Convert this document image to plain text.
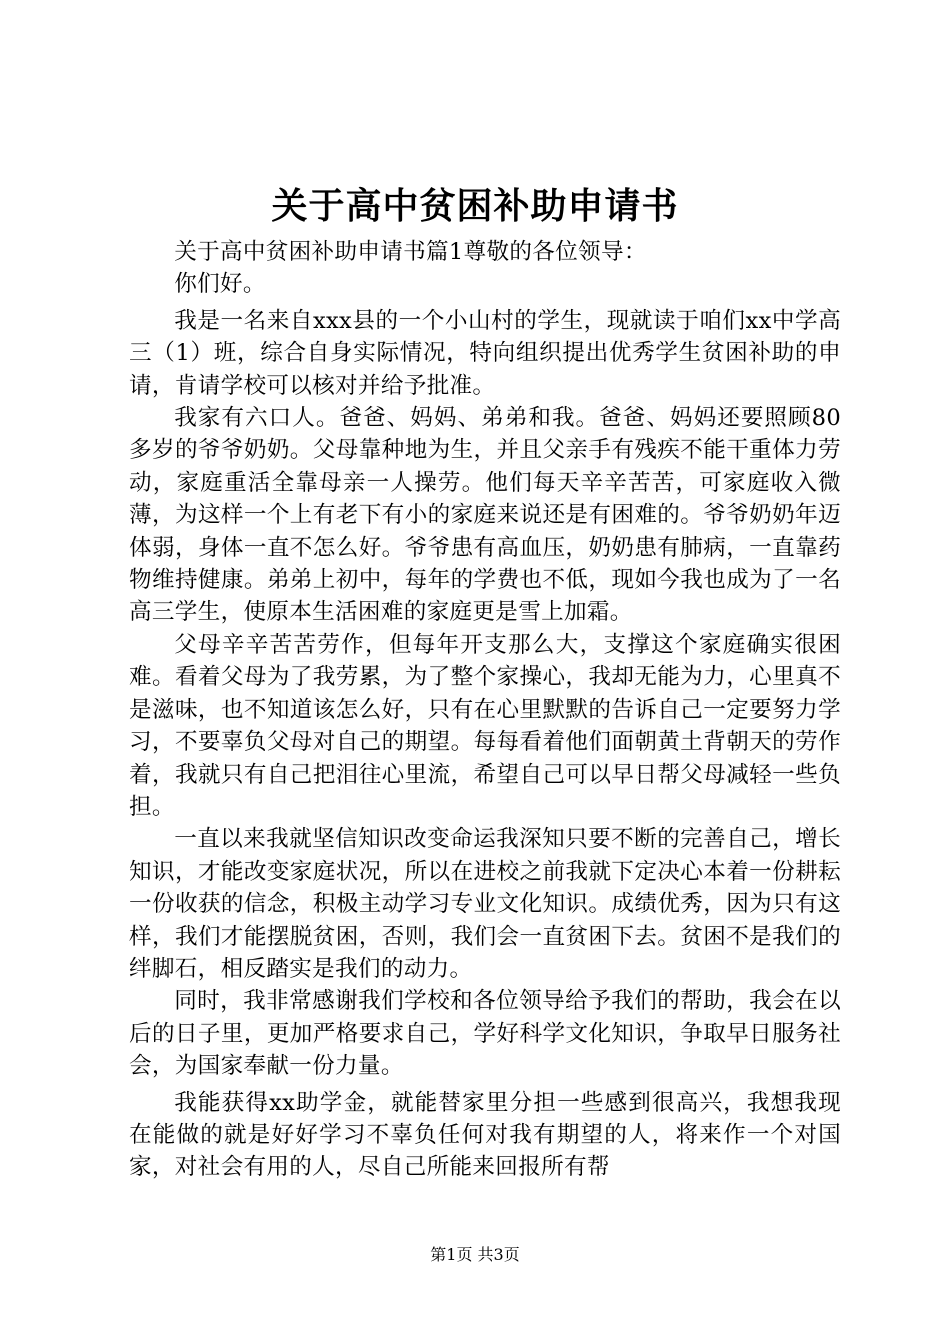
关于高中贫困补助申请书

关于高中贫困补助申请书篇1尊敬的各位领导：

你们好。

我是一名来自xxx县的一个小山村的学生，现就读于咱们xx中学高三（1）班，综合自身实际情况，特向组织提出优秀学生贫困补助的申请，肯请学校可以核对并给予批准。

我家有六口人。爸爸、妈妈、弟弟和我。爸爸、妈妈还要照顾80多岁的爷爷奶奶。父母靠种地为生，并且父亲手有残疾不能干重体力劳动，家庭重活全靠母亲一人操劳。他们每天辛辛苦苦，可家庭收入微薄，为这样一个上有老下有小的家庭来说还是有困难的。爷爷奶奶年迈体弱，身体一直不怎么好。爷爷患有高血压，奶奶患有肺病，一直靠药物维持健康。弟弟上初中，每年的学费也不低，现如今我也成为了一名高三学生，使原本生活困难的家庭更是雪上加霜。

父母辛辛苦苦劳作，但每年开支那么大，支撑这个家庭确实很困难。看着父母为了我劳累，为了整个家操心，我却无能为力，心里真不是滋味，也不知道该怎么好，只有在心里默默的告诉自己一定要努力学习，不要辜负父母对自己的期望。每每看着他们面朝黄土背朝天的劳作着，我就只有自己把泪往心里流，希望自己可以早日帮父母减轻一些负担。

一直以来我就坚信知识改变命运我深知只要不断的完善自己，增长知识，才能改变家庭状况，所以在进校之前我就下定决心本着一份耕耘一份收获的信念，积极主动学习专业文化知识。成绩优秀，因为只有这样，我们才能摆脱贫困，否则，我们会一直贫困下去。贫困不是我们的绊脚石，相反踏实是我们的动力。

同时，我非常感谢我们学校和各位领导给予我们的帮助，我会在以后的日子里，更加严格要求自己，学好科学文化知识，争取早日服务社会，为国家奉献一份力量。

我能获得xx助学金，就能替家里分担一些感到很高兴，我想我现在能做的就是好好学习不辜负任何对我有期望的人，将来作一个对国家，对社会有用的人，尽自己所能来回报所有帮

第1页 共3页
